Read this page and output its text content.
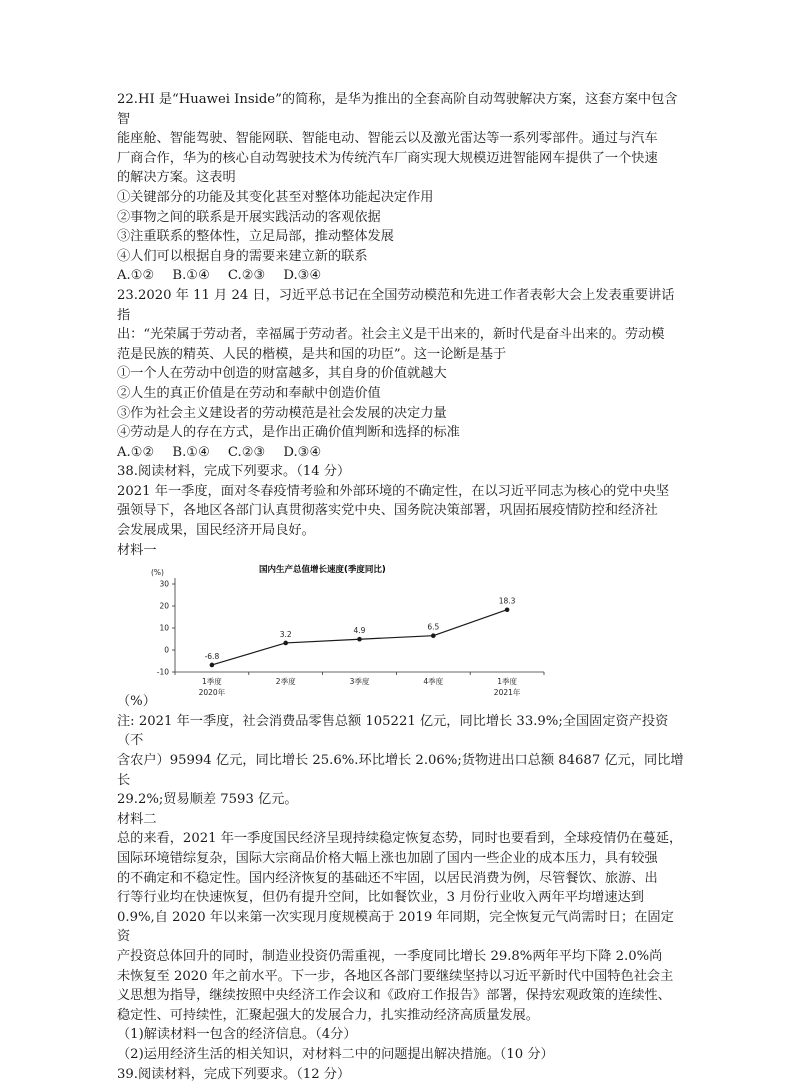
22.HI 是“Huawei Inside”的简称，是华为推出的全套高阶自动驾驶解决方案，这套方案中包含智

能座舱、智能驾驶、智能网联、智能电动、智能云以及激光雷达等一系列零部件。通过与汽车

厂商合作，华为的核心自动驾驶技术为传统汽车厂商实现大规模迈进智能网车提供了一个快速

的解决方案。这表明

①关键部分的功能及其变化甚至对整体功能起决定作用

②事物之间的联系是开展实践活动的客观依据

③注重联系的整体性，立足局部，推动整体发展

④人们可以根据自身的需要来建立新的联系

A.①② B.①④ C.②③ D.③④

23.2020 年 11 月 24 日，习近平总书记在全国劳动模范和先进工作者表彰大会上发表重要讲话指

出：“光荣属于劳动者，幸福属于劳动者。社会主义是干出来的，新时代是奋斗出来的。劳动模

范是民族的精英、人民的楷模，是共和国的功臣”。这一论断是基于

①一个人在劳动中创造的财富越多，其自身的价值就越大

②人生的真正价值是在劳动和奉献中创造价值

③作为社会主义建设者的劳动模范是社会发展的决定力量

④劳动是人的存在方式，是作出正确价值判断和选择的标准

A.①② B.①④ C.②③ D.③④

38.阅读材料，完成下列要求。（14 分）

2021 年一季度，面对冬春疫情考验和外部环境的不确定性，在以习近平同志为核心的党中央坚

强领导下，各地区各部门认真贯彻落实党中央、国务院决策部署，巩固拓展疫情防控和经济社

会发展成果，国民经济开局良好。

材料一

国内生产总值增长速度(季度同比)
(%)
30
20
10
0
-10
1季度	2季度	3季度	4季度	1季度
2020年	2021年
-6.8
3.2	4.9	6.5
18.3

（%）

注: 2021 年一季度，社会消费品零售总额 105221 亿元，同比增长 33.9%;全国固定资产投资（不

含农户）95994 亿元，同比增长 25.6%.环比增长 2.06%;货物进出口总额 84687 亿元，同比增长

29.2%;贸易顺差 7593 亿元。

材料二

总的来看，2021 年一季度国民经济呈现持续稳定恢复态势，同时也要看到，全球疫情仍在蔓延，

国际环境错综复杂，国际大宗商品价格大幅上涨也加剧了国内一些企业的成本压力，具有较强

的不确定和不稳定性。国内经济恢复的基础还不牢固，以居民消费为例，尽管餐饮、旅游、出

行等行业均在快速恢复，但仍有提升空间，比如餐饮业，3 月份行业收入两年平均增速达到

0.9%,自 2020 年以来第一次实现月度规模高于 2019 年同期，完全恢复元气尚需时日；在固定资

产投资总体回升的同时，制造业投资仍需重视，一季度同比增长 29.8%两年平均下降 2.0%尚

未恢复至 2020 年之前水平。下一步，各地区各部门要继续坚持以习近平新时代中国特色社会主

义思想为指导，继续按照中央经济工作会议和《政府工作报告》部署，保持宏观政策的连续性、

稳定性、可持续性，汇聚起强大的发展合力，扎实推动经济高质量发展。

（1)解读材料一包含的经济信息。（4分）

（2)运用经济生活的相关知识，对材料二中的问题提出解决措施。（10 分）

39.阅读材料，完成下列要求。（12 分）
